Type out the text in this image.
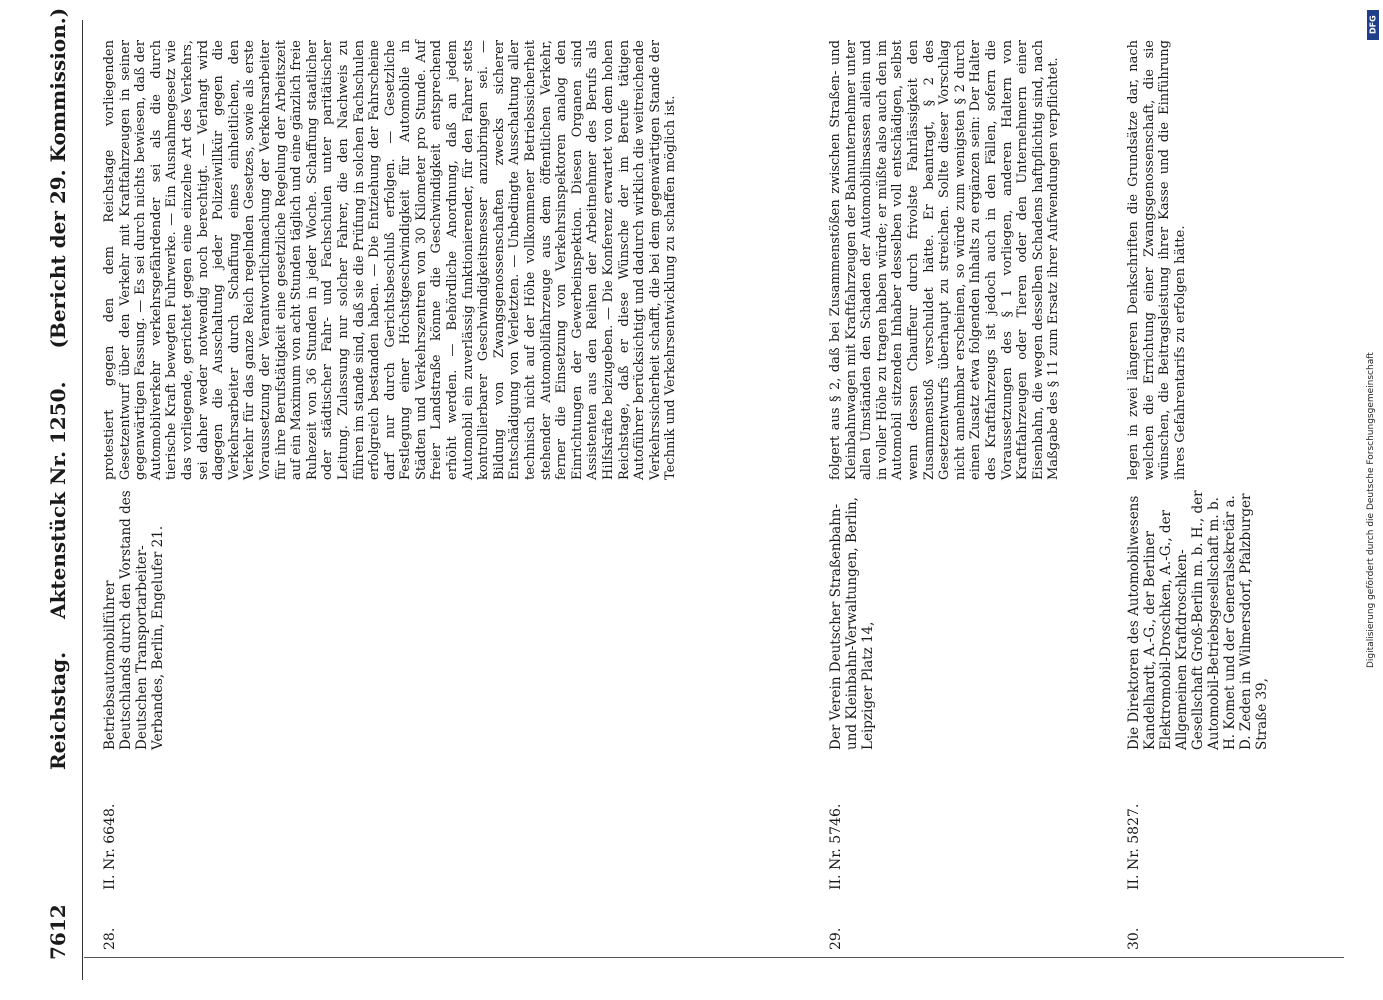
7612
Reichstag. Aktenstück Nr. 1250. (Bericht der 29. Kommission.)
28.
II. Nr. 6648.
Betriebsautomobilführer Deutschlands durch den Vorstand des Deutschen Transportarbeiter-Verbandes, Berlin, Engelufer 21.
protestiert gegen den dem Reichstage vorliegenden Gesetzentwurf über den Verkehr mit Kraftfahrzeugen in seiner gegenwärtigen Fassung. — Es sei durch nichts bewiesen, daß der Automobilverkehr verkehrsgefährdender sei als die durch tierische Kraft bewegten Fuhrwerke. — Ein Ausnahmegesetz wie das vorliegende, gerichtet gegen eine einzelne Art des Verkehrs, sei daher weder notwendig noch berechtigt. — Verlangt wird dagegen die Ausschaltung jeder Polizeiwillkür gegen die Verkehrsarbeiter durch Schaffung eines einheitlichen, den Verkehr für das ganze Reich regelnden Gesetzes, sowie als erste Voraussetzung der Verantwortlichmachung der Verkehrsarbeiter für ihre Berufstätigkeit eine gesetzliche Regelung der Arbeitszeit auf ein Maximum von acht Stunden täglich und eine gänzlich freie Ruhezeit von 36 Stunden in jeder Woche. Schaffung staatlicher oder städtischer Fahr- und Fachschulen unter paritätischer Leitung. Zulassung nur solcher Fahrer, die den Nachweis zu führen im stande sind, daß sie die Prüfung in solchen Fachschulen erfolgreich bestanden haben. — Die Entziehung der Fahrscheine darf nur durch Gerichtsbeschluß erfolgen. — Gesetzliche Festlegung einer Höchstgeschwindigkeit für Automobile in Städten und Verkehrszentren von 30 Kilometer pro Stunde. Auf freier Landstraße könne die Geschwindigkeit entsprechend erhöht werden. — Behördliche Anordnung, daß an jedem Automobil ein zuverlässig funktionierender, für den Fahrer stets kontrollierbarer Geschwindigkeitsmesser anzubringen sei. — Bildung von Zwangsgenossenschaften zwecks sicherer Entschädigung von Verletzten. — Unbedingte Ausschaltung aller technisch nicht auf der Höhe vollkommener Betriebssicherheit stehender Automobilfahrzeuge aus dem öffentlichen Verkehr, ferner die Einsetzung von Verkehrsinspektoren analog den Einrichtungen der Gewerbeinspektion. Diesen Organen sind Assistenten aus den Reihen der Arbeitnehmer des Berufs als Hilfskräfte beizugeben. — Die Konferenz erwartet von dem hohen Reichstage, daß er diese Wünsche der im Berufe tätigen Autoführer berücksichtigt und dadurch wirklich die weitreichende Verkehrssicherheit schafft, die bei dem gegenwärtigen Stande der Technik und Verkehrsentwicklung zu schaffen möglich ist.
29.
II. Nr. 5746.
Der Verein Deutscher Straßenbahn- und Kleinbahn-Verwaltungen, Berlin, Leipziger Platz 14,
folgert aus § 2, daß bei Zusammenstößen zwischen Straßen- und Kleinbahnwagen mit Kraftfahrzeugen der Bahnunternehmer unter allen Umständen den Schaden der Automobilinsassen allein und in voller Höhe zu tragen haben würde; er müßte also auch den im Automobil sitzenden Inhaber desselben voll entschädigen, selbst wenn dessen Chauffeur durch frivolste Fahrlässigkeit den Zusammenstoß verschuldet hätte. Er beantragt, § 2 des Gesetzentwurfs überhaupt zu streichen. Sollte dieser Vorschlag nicht annehmbar erscheinen, so würde zum wenigsten § 2 durch einen Zusatz etwa folgenden Inhalts zu ergänzen sein: Der Halter des Kraftfahrzeugs ist jedoch auch in den Fällen, sofern die Voraussetzungen des § 1 vorliegen, anderen Haltern von Kraftfahrzeugen oder Tieren oder den Unternehmern einer Eisenbahn, die wegen desselben Schadens haftpflichtig sind, nach Maßgabe des § 11 zum Ersatz ihrer Aufwendungen verpflichtet.
30.
II. Nr. 5827.
Die Direktoren des Automobilwesens Kandelhardt, A.-G., der Berliner Elektromobil-Droschken, A.-G., der Allgemeinen Kraftdroschken-Gesellschaft Groß-Berlin m. b. H., der Automobil-Betriebsgesellschaft m. b. H. Komet und der Generalsekretär a. D. Zeden in Wilmersdorf, Pfalzburger Straße 39,
legen in zwei längeren Denkschriften die Grundsätze dar, nach welchen die Errichtung einer Zwangsgenossenschaft, die sie wünschen, die Beitragsleistung ihrer Kasse und die Einführung ihres Gefahrentarifs zu erfolgen hätte.
DFG
Digitalisierung gefördert durch die Deutsche Forschungsgemeinschaft
